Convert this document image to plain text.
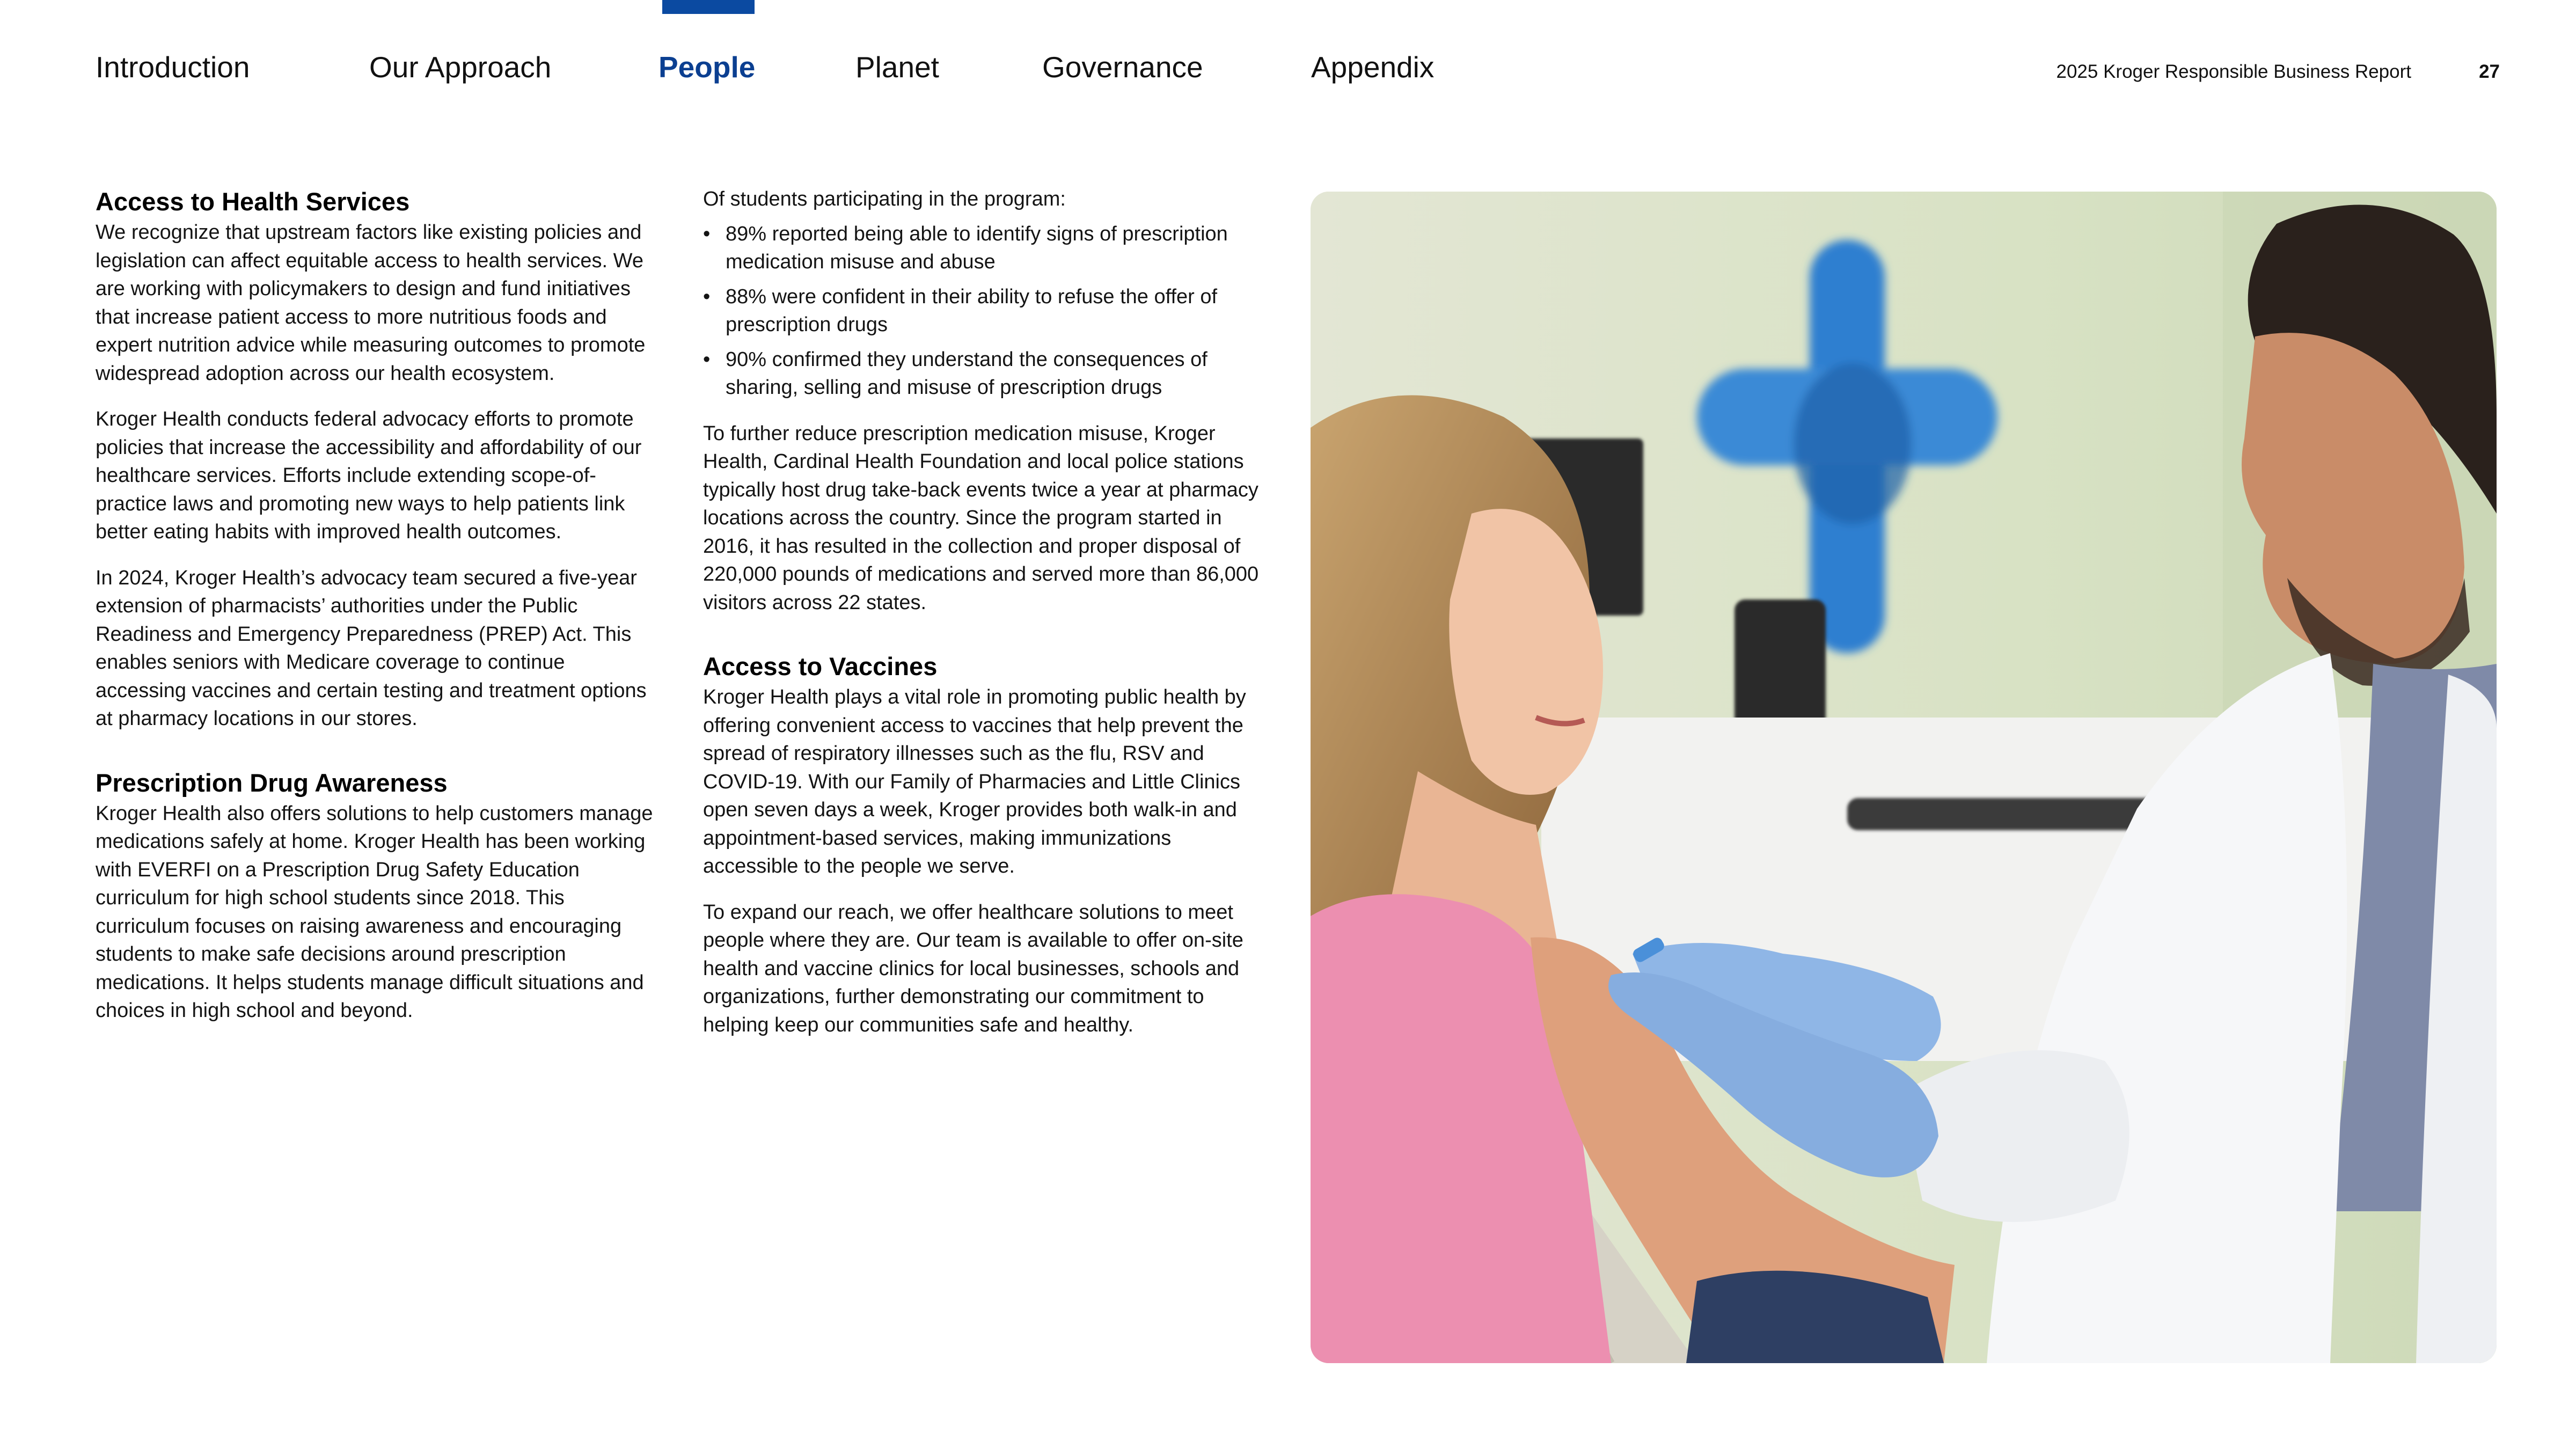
Introduction	Our Approach	People	Planet	Governance	Appendix	2025 Kroger Responsible Business Report	27
Access to Health Services

We recognize that upstream factors like existing policies and legislation can affect equitable access to health services. We are working with policymakers to design and fund initiatives that increase patient access to more nutritious foods and expert nutrition advice while measuring outcomes to promote widespread adoption across our health ecosystem.

Kroger Health conducts federal advocacy efforts to promote policies that increase the accessibility and affordability of our healthcare services. Efforts include extending scope-of-practice laws and promoting new ways to help patients link better eating habits with improved health outcomes.

In 2024, Kroger Health’s advocacy team secured a five-year extension of pharmacists’ authorities under the Public Readiness and Emergency Preparedness (PREP) Act. This enables seniors with Medicare coverage to continue accessing vaccines and certain testing and treatment options at pharmacy locations in our stores.

Prescription Drug Awareness

Kroger Health also offers solutions to help customers manage medications safely at home. Kroger Health has been working with EVERFI on a Prescription Drug Safety Education curriculum for high school students since 2018. This curriculum focuses on raising awareness and encouraging students to make safe decisions around prescription medications. It helps students manage difficult situations and choices in high school and beyond.

Of students participating in the program:

• 89% reported being able to identify signs of prescription medication misuse and abuse
• 88% were confident in their ability to refuse the offer of prescription drugs
• 90% confirmed they understand the consequences of sharing, selling and misuse of prescription drugs

To further reduce prescription medication misuse, Kroger Health, Cardinal Health Foundation and local police stations typically host drug take-back events twice a year at pharmacy locations across the country. Since the program started in 2016, it has resulted in the collection and proper disposal of 220,000 pounds of medications and served more than 86,000 visitors across 22 states.

Access to Vaccines

Kroger Health plays a vital role in promoting public health by offering convenient access to vaccines that help prevent the spread of respiratory illnesses such as the flu, RSV and COVID-19. With our Family of Pharmacies and Little Clinics open seven days a week, Kroger provides both walk-in and appointment-based services, making immunizations accessible to the people we serve.

To expand our reach, we offer healthcare solutions to meet people where they are. Our team is available to offer on-site health and vaccine clinics for local businesses, schools and organizations, further demonstrating our commitment to helping keep our communities safe and healthy.
